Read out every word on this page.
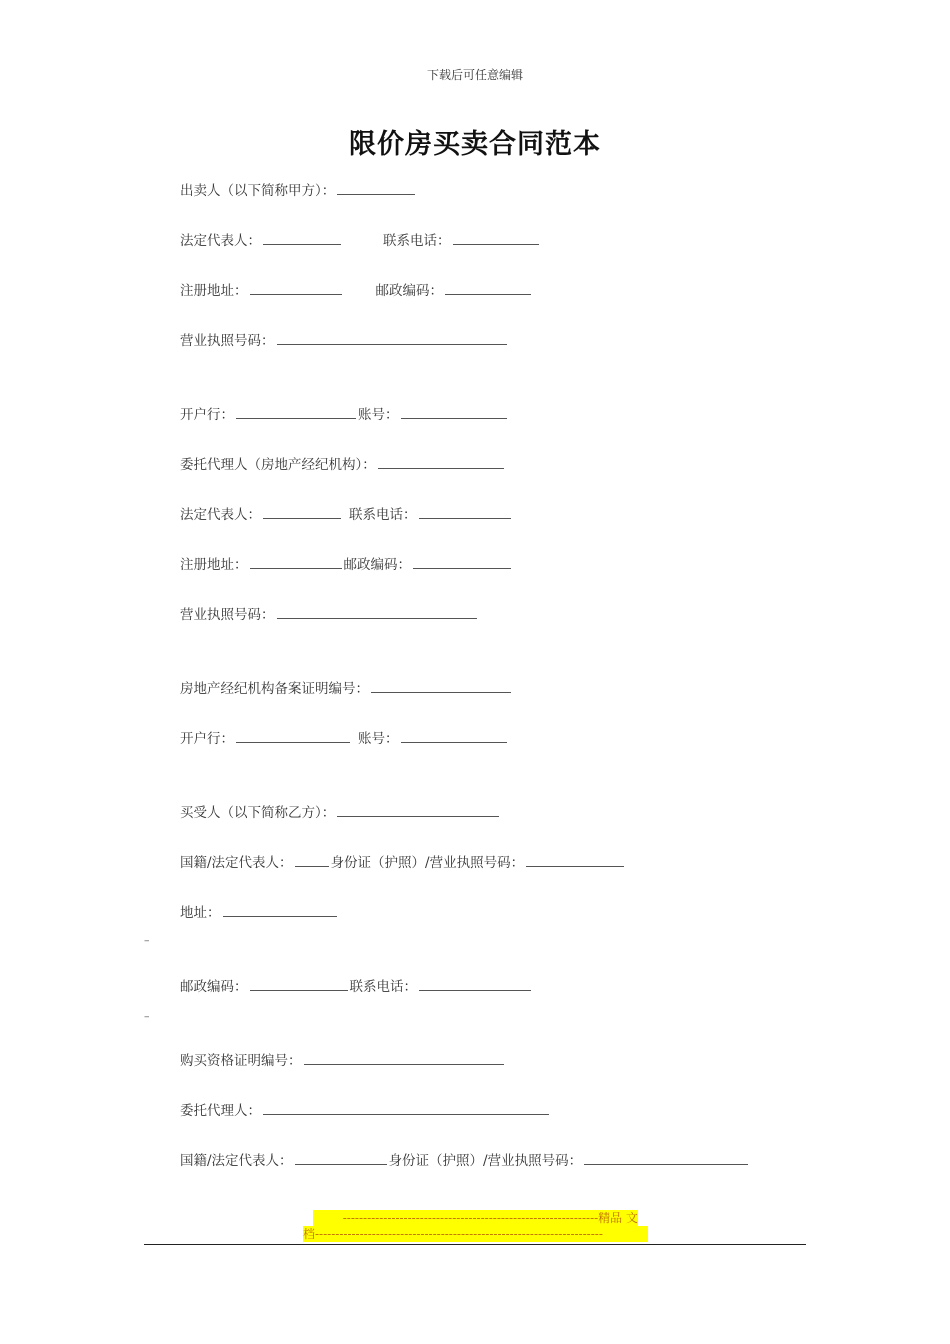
下载后可任意编辑
限价房买卖合同范本
出卖人（以下简称甲方）：
法定代表人：	联系电话：
注册地址：	邮政编码：
营业执照号码：
开户行：	账号：
委托代理人（房地产经纪机构）：
法定代表人：	联系电话：
注册地址：	邮政编码：
营业执照号码：
房地产经纪机构备案证明编号：
开户行：	账号：
买受人（以下简称乙方）：
国籍/法定代表人：	身份证（护照）/营业执照号码：
地址：
–
邮政编码：	联系电话：
–
购买资格证明编号：
委托代理人：
国籍/法定代表人：	身份证（护照）/营业执照号码：
---------------------------------------------------------------精品 文
档-----------------------------------------------------------------------
